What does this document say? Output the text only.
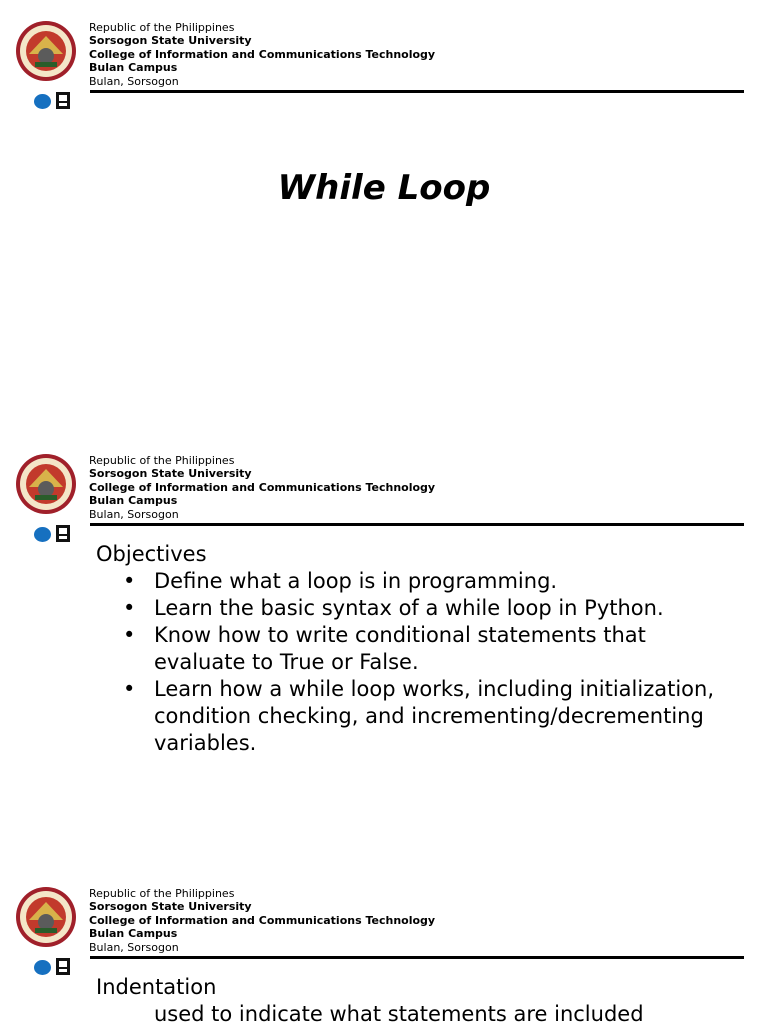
Republic of the Philippines
Sorsogon State University
College of Information and Communications Technology
Bulan Campus
Bulan, Sorsogon
While Loop
Republic of the Philippines
Sorsogon State University
College of Information and Communications Technology
Bulan Campus
Bulan, Sorsogon
Objectives
• Define what a loop is in programming.
• Learn the basic syntax of a while loop in Python.
• Know how to write conditional statements that evaluate to True or False.
• Learn how a while loop works, including initialization, condition checking, and incrementing/decrementing variables.
Republic of the Philippines
Sorsogon State University
College of Information and Communications Technology
Bulan Campus
Bulan, Sorsogon
Indentation
used to indicate what statements are included
